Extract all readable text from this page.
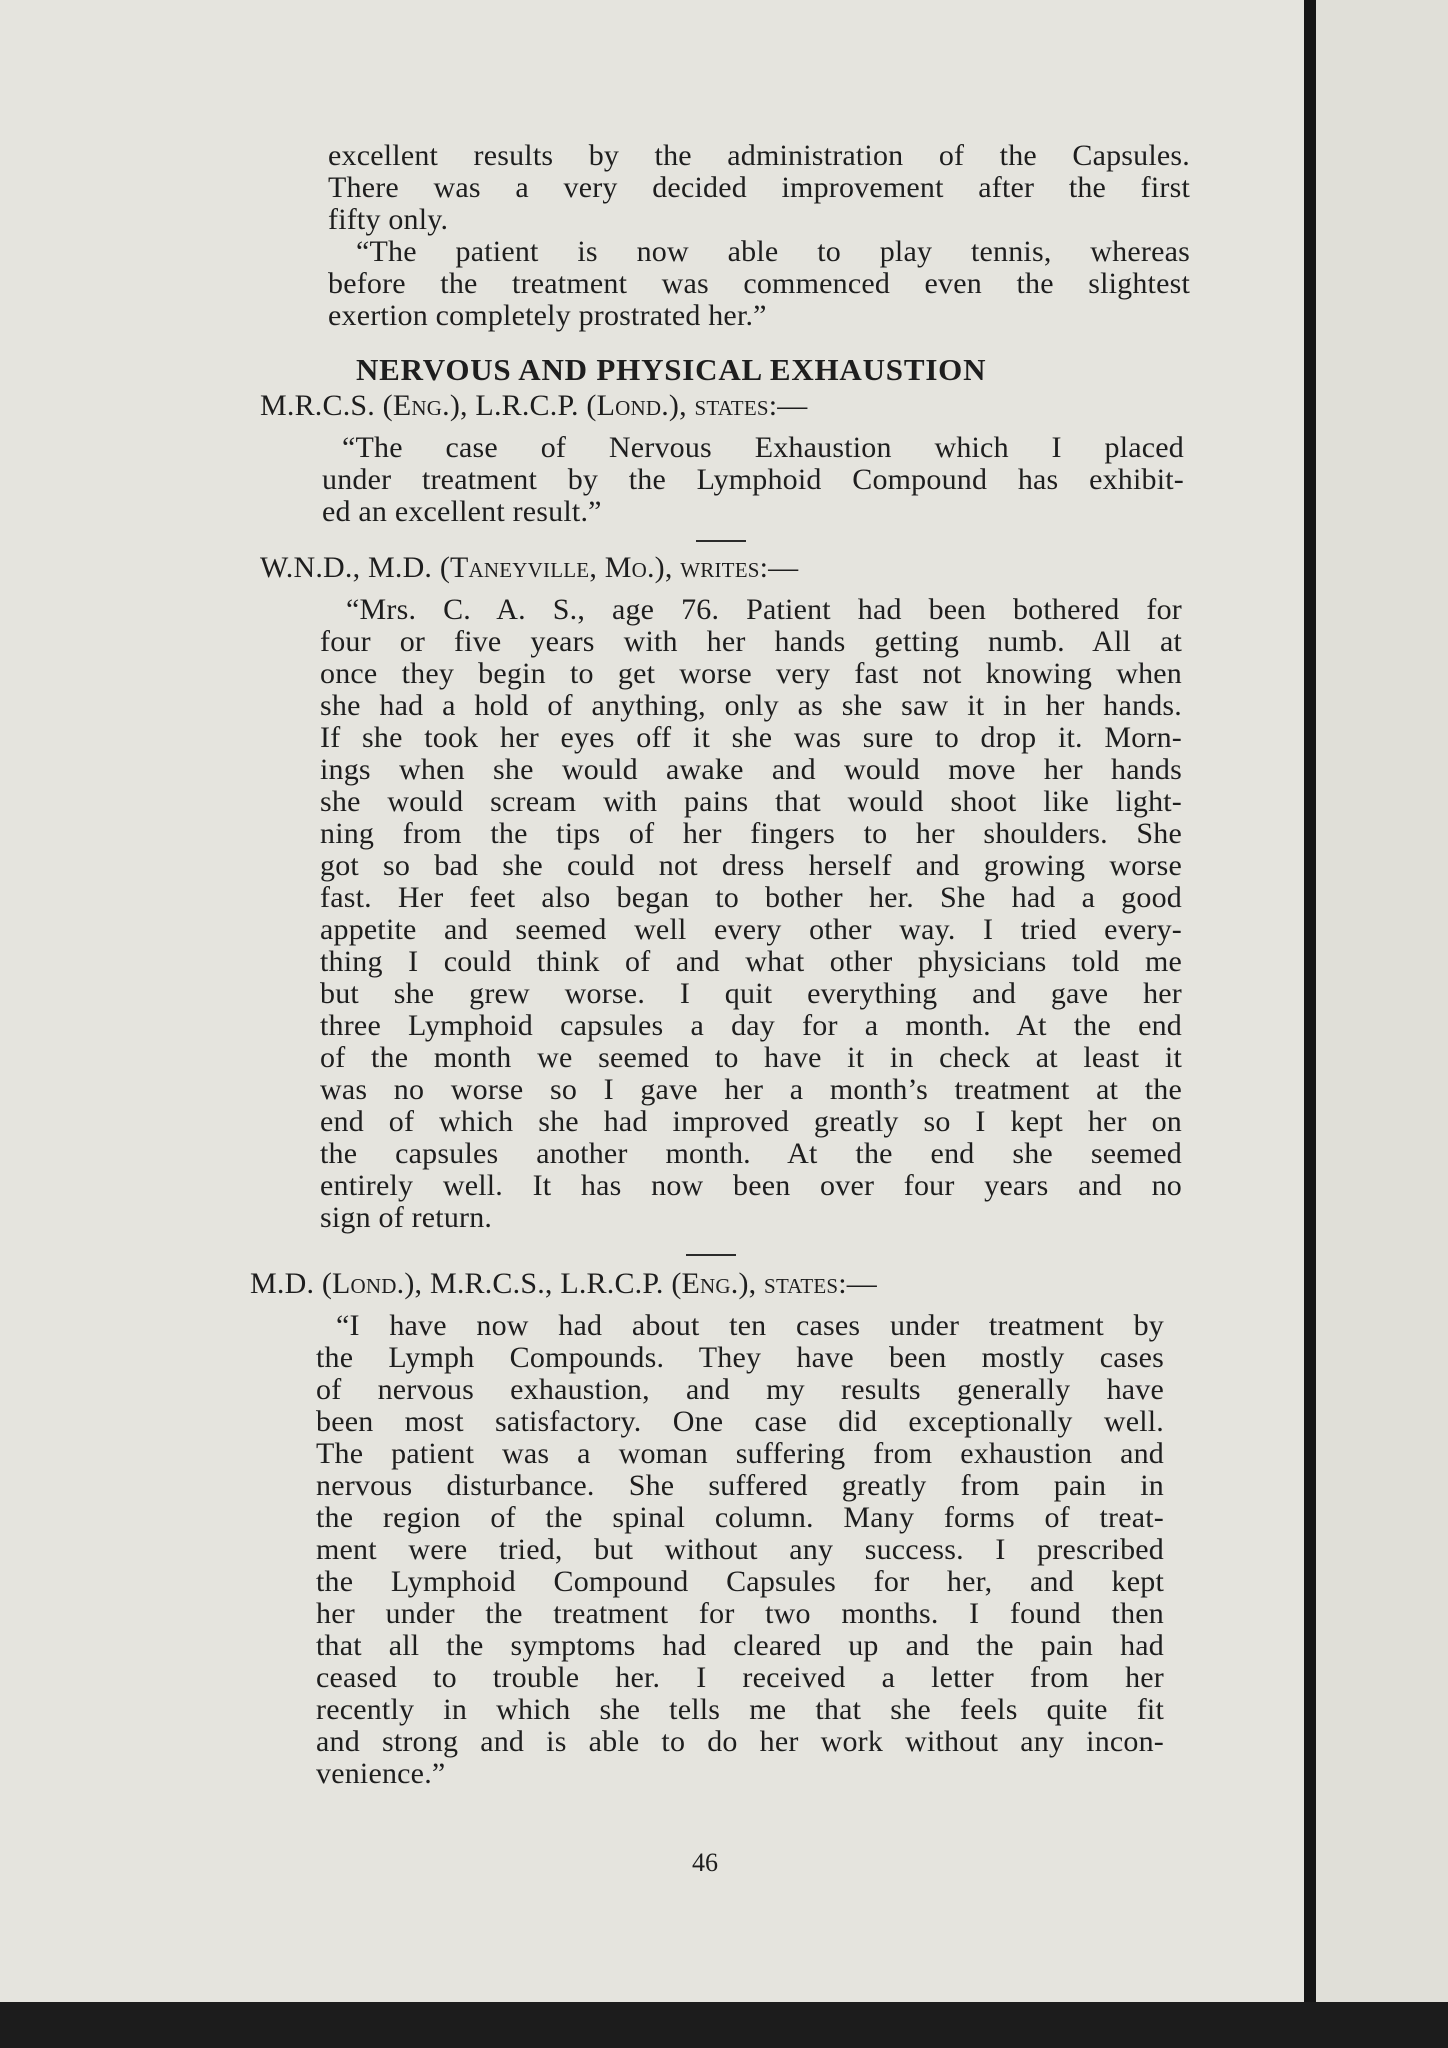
excellent results by the administration of the Capsules.
There was a very decided improvement after the first
fifty only.
“The patient is now able to play tennis, whereas
before the treatment was commenced even the slightest
exertion completely prostrated her.”
NERVOUS AND PHYSICAL EXHAUSTION
M.R.C.S. (Eng.), L.R.C.P. (Lond.), states:—
“The case of Nervous Exhaustion which I placed
under treatment by the Lymphoid Compound has exhibit-
ed an excellent result.”
W.N.D., M.D. (Taneyville, Mo.), writes:—
“Mrs. C. A. S., age 76. Patient had been bothered for
four or five years with her hands getting numb. All at
once they begin to get worse very fast not knowing when
she had a hold of anything, only as she saw it in her hands.
If she took her eyes off it she was sure to drop it. Morn-
ings when she would awake and would move her hands
she would scream with pains that would shoot like light-
ning from the tips of her fingers to her shoulders. She
got so bad she could not dress herself and growing worse
fast. Her feet also began to bother her. She had a good
appetite and seemed well every other way. I tried every-
thing I could think of and what other physicians told me
but she grew worse. I quit everything and gave her
three Lymphoid capsules a day for a month. At the end
of the month we seemed to have it in check at least it
was no worse so I gave her a month’s treatment at the
end of which she had improved greatly so I kept her on
the capsules another month. At the end she seemed
entirely well. It has now been over four years and no
sign of return.
M.D. (Lond.), M.R.C.S., L.R.C.P. (Eng.), states:—
“I have now had about ten cases under treatment by
the Lymph Compounds. They have been mostly cases
of nervous exhaustion, and my results generally have
been most satisfactory. One case did exceptionally well.
The patient was a woman suffering from exhaustion and
nervous disturbance. She suffered greatly from pain in
the region of the spinal column. Many forms of treat-
ment were tried, but without any success. I prescribed
the Lymphoid Compound Capsules for her, and kept
her under the treatment for two months. I found then
that all the symptoms had cleared up and the pain had
ceased to trouble her. I received a letter from her
recently in which she tells me that she feels quite fit
and strong and is able to do her work without any incon-
venience.”
46
